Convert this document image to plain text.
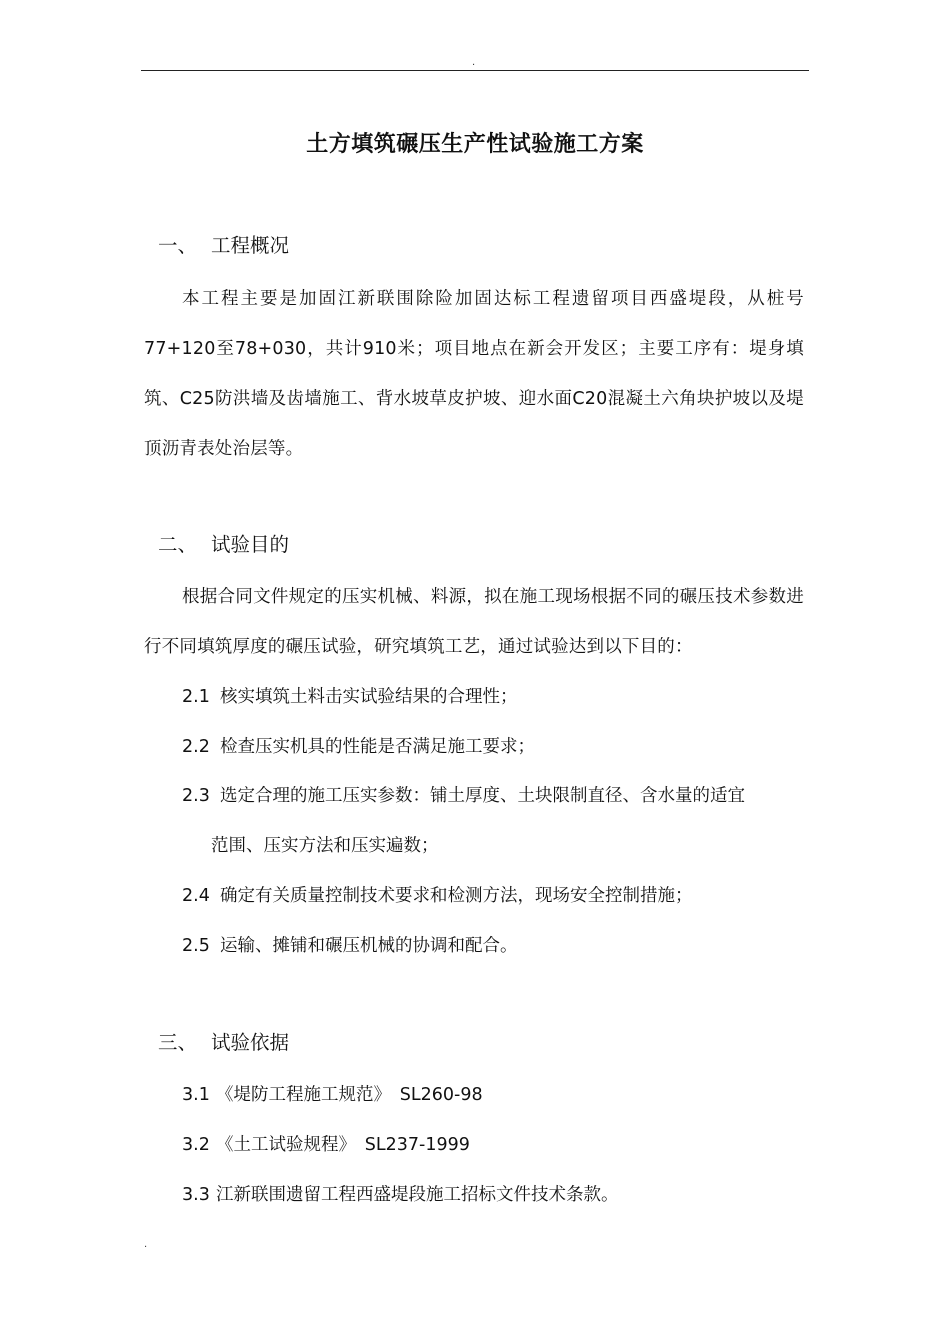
.
土方填筑碾压生产性试验施工方案
一、 工程概况
本工程主要是加固江新联围除险加固达标工程遗留项目西盛堤段，从桩号77+120至78+030，共计910米；项目地点在新会开发区；主要工序有：堤身填筑、C25防洪墙及齿墙施工、背水坡草皮护坡、迎水面C20混凝土六角块护坡以及堤顶沥青表处治层等。
二、 试验目的
根据合同文件规定的压实机械、料源，拟在施工现场根据不同的碾压技术参数进行不同填筑厚度的碾压试验，研究填筑工艺，通过试验达到以下目的：
2.1 核实填筑土料击实试验结果的合理性；
2.2 检查压实机具的性能是否满足施工要求；
2.3 选定合理的施工压实参数：铺土厚度、土块限制直径、含水量的适宜
范围、压实方法和压实遍数；
2.4 确定有关质量控制技术要求和检测方法，现场安全控制措施；
2.5 运输、摊铺和碾压机械的协调和配合。
三、 试验依据
3.1 《堤防工程施工规范》　SL260-98
3.2 《土工试验规程》　SL237-1999
3.3 江新联围遗留工程西盛堤段施工招标文件技术条款。
.
